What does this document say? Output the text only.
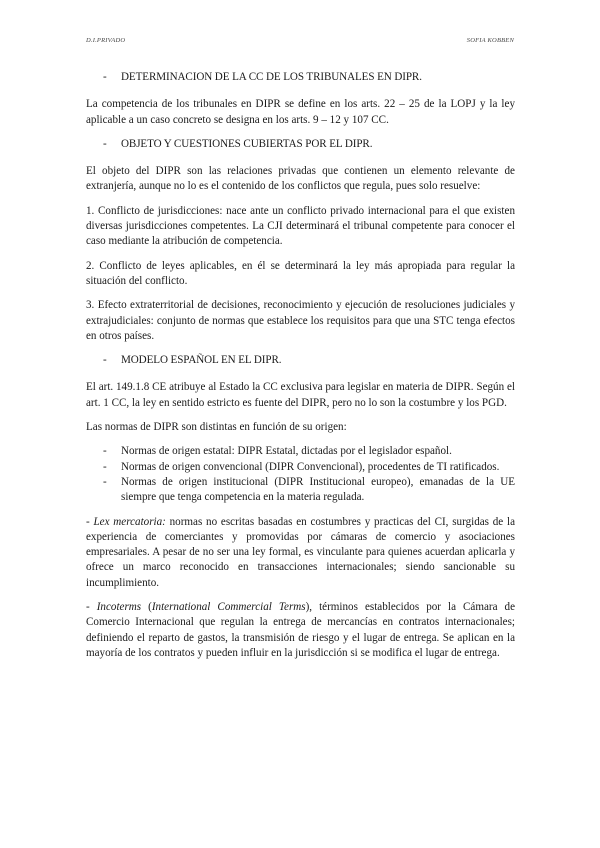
D.I.PRIVADO	SOFIA KOBBEN
- DETERMINACION DE LA CC DE LOS TRIBUNALES EN DIPR.

La competencia de los tribunales en DIPR se define en los arts. 22 – 25 de la LOPJ y la ley aplicable a un caso concreto se designa en los arts. 9 – 12 y 107 CC.

- OBJETO Y CUESTIONES CUBIERTAS POR EL DIPR.

El objeto del DIPR son las relaciones privadas que contienen un elemento relevante de extranjería, aunque no lo es el contenido de los conflictos que regula, pues solo resuelve:

1. Conflicto de jurisdicciones: nace ante un conflicto privado internacional para el que existen diversas jurisdicciones competentes. La CJI determinará el tribunal competente para conocer el caso mediante la atribución de competencia.

2. Conflicto de leyes aplicables, en él se determinará la ley más apropiada para regular la situación del conflicto.

3. Efecto extraterritorial de decisiones, reconocimiento y ejecución de resoluciones judiciales y extrajudiciales: conjunto de normas que establece los requisitos para que una STC tenga efectos en otros países.

- MODELO ESPAÑOL EN EL DIPR.

El art. 149.1.8 CE atribuye al Estado la CC exclusiva para legislar en materia de DIPR. Según el art. 1 CC, la ley en sentido estricto es fuente del DIPR, pero no lo son la costumbre y los PGD.

Las normas de DIPR son distintas en función de su origen:

- Normas de origen estatal: DIPR Estatal, dictadas por el legislador español.
- Normas de origen convencional (DIPR Convencional), procedentes de TI ratificados.
- Normas de origen institucional (DIPR Institucional europeo), emanadas de la UE siempre que tenga competencia en la materia regulada.

- Lex mercatoria: normas no escritas basadas en costumbres y practicas del CI, surgidas de la experiencia de comerciantes y promovidas por cámaras de comercio y asociaciones empresariales. A pesar de no ser una ley formal, es vinculante para quienes acuerdan aplicarla y ofrece un marco reconocido en transacciones internacionales; siendo sancionable su incumplimiento.

- Incoterms (International Commercial Terms), términos establecidos por la Cámara de Comercio Internacional que regulan la entrega de mercancías en contratos internacionales; definiendo el reparto de gastos, la transmisión de riesgo y el lugar de entrega. Se aplican en la mayoría de los contratos y pueden influir en la jurisdicción si se modifica el lugar de entrega.
